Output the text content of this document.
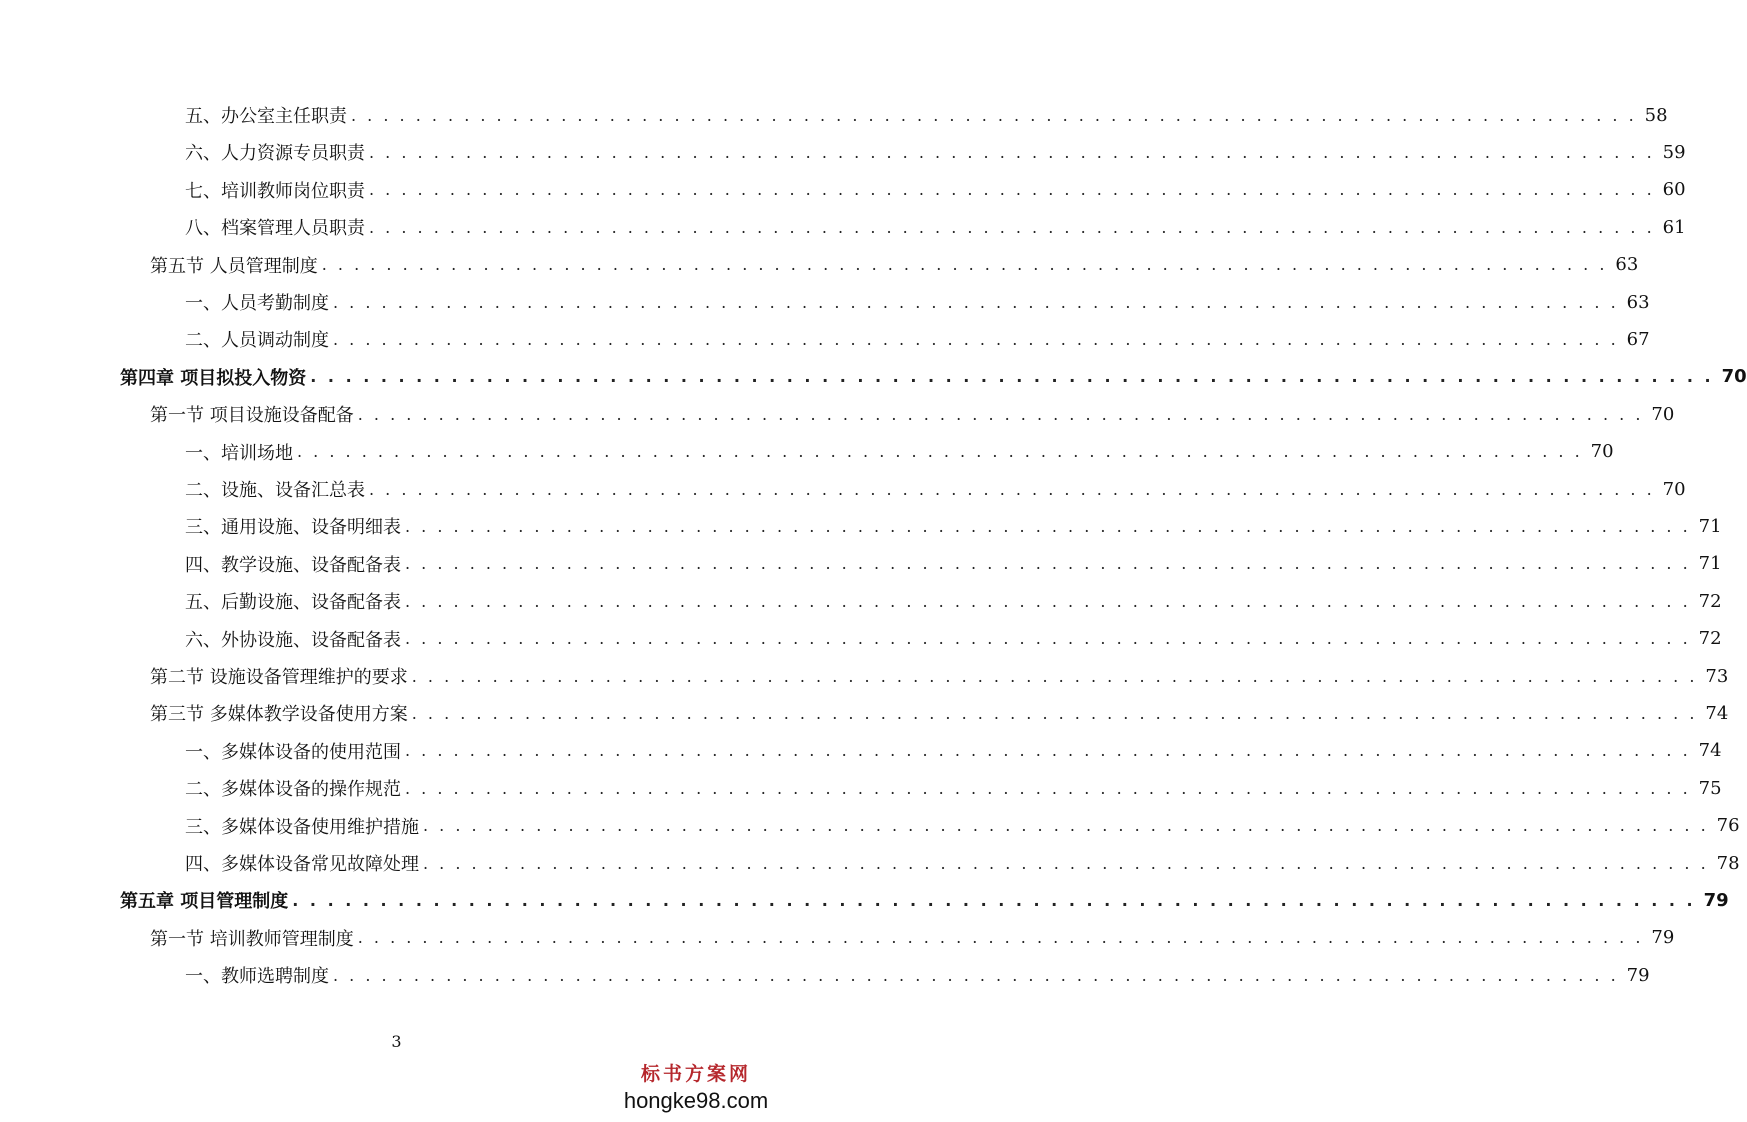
五、办公室主任职责 . . . . . . . . . . . . . . . . . . . . . . . . . . . . . . . . . . . . . . . . . . . . . . . . . . . . . . . . . . . . . . . . . . . . . . . . . . . . . . . . 58
六、人力资源专员职责 . . . . . . . . . . . . . . . . . . . . . . . . . . . . . . . . . . . . . . . . . . . . . . . . . . . . . . . . . . . . . . . . . . . . . . . . . . . . . . . . 59
七、培训教师岗位职责 . . . . . . . . . . . . . . . . . . . . . . . . . . . . . . . . . . . . . . . . . . . . . . . . . . . . . . . . . . . . . . . . . . . . . . . . . . . . . . . . 60
八、档案管理人员职责 . . . . . . . . . . . . . . . . . . . . . . . . . . . . . . . . . . . . . . . . . . . . . . . . . . . . . . . . . . . . . . . . . . . . . . . . . . . . . . . . 61
第五节 人员管理制度 . . . . . . . . . . . . . . . . . . . . . . . . . . . . . . . . . . . . . . . . . . . . . . . . . . . . . . . . . . . . . . . . . . . . . . . . . . . . . . . . 63
一、人员考勤制度 . . . . . . . . . . . . . . . . . . . . . . . . . . . . . . . . . . . . . . . . . . . . . . . . . . . . . . . . . . . . . . . . . . . . . . . . . . . . . . . . 63
二、人员调动制度 . . . . . . . . . . . . . . . . . . . . . . . . . . . . . . . . . . . . . . . . . . . . . . . . . . . . . . . . . . . . . . . . . . . . . . . . . . . . . . . . 67
第四章 项目拟投入物资 . . . . . . . . . . . . . . . . . . . . . . . . . . . . . . . . . . . . . . . . . . . . . . . . . . . . . . . . . . . . . . . . . . . . . . . . . . . . . . . . 70
第一节 项目设施设备配备 . . . . . . . . . . . . . . . . . . . . . . . . . . . . . . . . . . . . . . . . . . . . . . . . . . . . . . . . . . . . . . . . . . . . . . . . . . . . . . . . 70
一、培训场地 . . . . . . . . . . . . . . . . . . . . . . . . . . . . . . . . . . . . . . . . . . . . . . . . . . . . . . . . . . . . . . . . . . . . . . . . . . . . . . . . 70
二、设施、设备汇总表 . . . . . . . . . . . . . . . . . . . . . . . . . . . . . . . . . . . . . . . . . . . . . . . . . . . . . . . . . . . . . . . . . . . . . . . . . . . . . . . . 70
三、通用设施、设备明细表 . . . . . . . . . . . . . . . . . . . . . . . . . . . . . . . . . . . . . . . . . . . . . . . . . . . . . . . . . . . . . . . . . . . . . . . . . . . . . . . . 71
四、教学设施、设备配备表 . . . . . . . . . . . . . . . . . . . . . . . . . . . . . . . . . . . . . . . . . . . . . . . . . . . . . . . . . . . . . . . . . . . . . . . . . . . . . . . . 71
五、后勤设施、设备配备表 . . . . . . . . . . . . . . . . . . . . . . . . . . . . . . . . . . . . . . . . . . . . . . . . . . . . . . . . . . . . . . . . . . . . . . . . . . . . . . . . 72
六、外协设施、设备配备表 . . . . . . . . . . . . . . . . . . . . . . . . . . . . . . . . . . . . . . . . . . . . . . . . . . . . . . . . . . . . . . . . . . . . . . . . . . . . . . . . 72
第二节 设施设备管理维护的要求 . . . . . . . . . . . . . . . . . . . . . . . . . . . . . . . . . . . . . . . . . . . . . . . . . . . . . . . . . . . . . . . . . . . . . . . . . . . . . . . . 73
第三节 多媒体教学设备使用方案 . . . . . . . . . . . . . . . . . . . . . . . . . . . . . . . . . . . . . . . . . . . . . . . . . . . . . . . . . . . . . . . . . . . . . . . . . . . . . . . . 74
一、多媒体设备的使用范围 . . . . . . . . . . . . . . . . . . . . . . . . . . . . . . . . . . . . . . . . . . . . . . . . . . . . . . . . . . . . . . . . . . . . . . . . . . . . . . . . 74
二、多媒体设备的操作规范 . . . . . . . . . . . . . . . . . . . . . . . . . . . . . . . . . . . . . . . . . . . . . . . . . . . . . . . . . . . . . . . . . . . . . . . . . . . . . . . . 75
三、多媒体设备使用维护措施 . . . . . . . . . . . . . . . . . . . . . . . . . . . . . . . . . . . . . . . . . . . . . . . . . . . . . . . . . . . . . . . . . . . . . . . . . . . . . . . . 76
四、多媒体设备常见故障处理 . . . . . . . . . . . . . . . . . . . . . . . . . . . . . . . . . . . . . . . . . . . . . . . . . . . . . . . . . . . . . . . . . . . . . . . . . . . . . . . . 78
第五章 项目管理制度 . . . . . . . . . . . . . . . . . . . . . . . . . . . . . . . . . . . . . . . . . . . . . . . . . . . . . . . . . . . . . . . . . . . . . . . . . . . . . . . . 79
第一节 培训教师管理制度 . . . . . . . . . . . . . . . . . . . . . . . . . . . . . . . . . . . . . . . . . . . . . . . . . . . . . . . . . . . . . . . . . . . . . . . . . . . . . . . . 79
一、教师选聘制度 . . . . . . . . . . . . . . . . . . . . . . . . . . . . . . . . . . . . . . . . . . . . . . . . . . . . . . . . . . . . . . . . . . . . . . . . . . . . . . . . 79
3
标书方案网
hongke98.com
